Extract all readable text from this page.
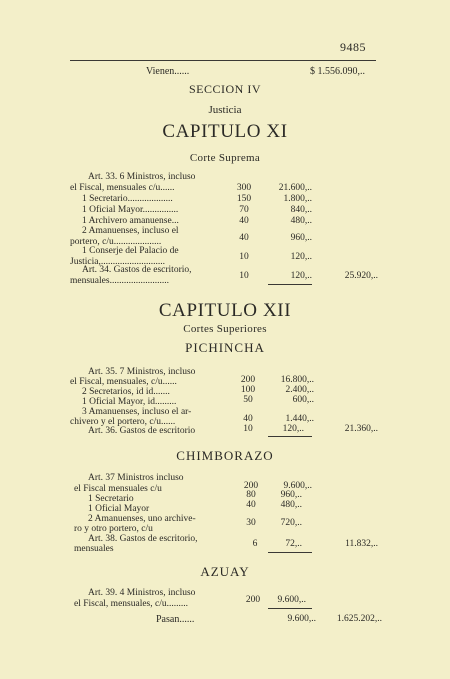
9485
Vienen......	$ 1.556.090,..
SECCION IV
Justicia
CAPITULO XI
Corte Suprema
Art. 33. 6 Ministros, incluso
el Fiscal, mensuales c/u......	300	21.600,..
1 Secretario...................	150	1.800,..
1 Oficial Mayor...............	70	840,..
1 Archivero amanuense...	40	480,..
2 Amanuenses, incluso el
portero, c/u....................	40	960,..
1 Conserje del Palacio de
Justicia,...........................	10	120,..
Art. 34. Gastos de escritorio,
mensuales.........................	10	120,..	25.920,..
CAPITULO XII
Cortes Superiores
PICHINCHA
Art. 35. 7 Ministros, incluso
el Fiscal, mensuales, c/u......	200	16.800,..
2 Secretarios, id id.......	100	2.400,..
1 Oficial Mayor, id.........	50	600,..
3 Amanuenses, incluso el ar-
chivero y el portero, c/u......	40	1.440,..
Art. 36. Gastos de escritorio	10	120,..	21.360,..
CHIMBORAZO
Art. 37 Ministros incluso
el Fiscal mensuales c/u	200	9.600,..
1 Secretario	80	960,..
1 Oficial Mayor	40	480,..
2 Amanuenses, uno archive-
ro y otro portero, c/u
30	720,..
Art. 38. Gastos de escritorio,
mensuales	6	72,..	11.832,..
AZUAY
Art. 39. 4 Ministros, incluso
el Fiscal, mensuales, c/u.........	200	9.600,..
Pasan......	9.600,..	1.625.202,..
